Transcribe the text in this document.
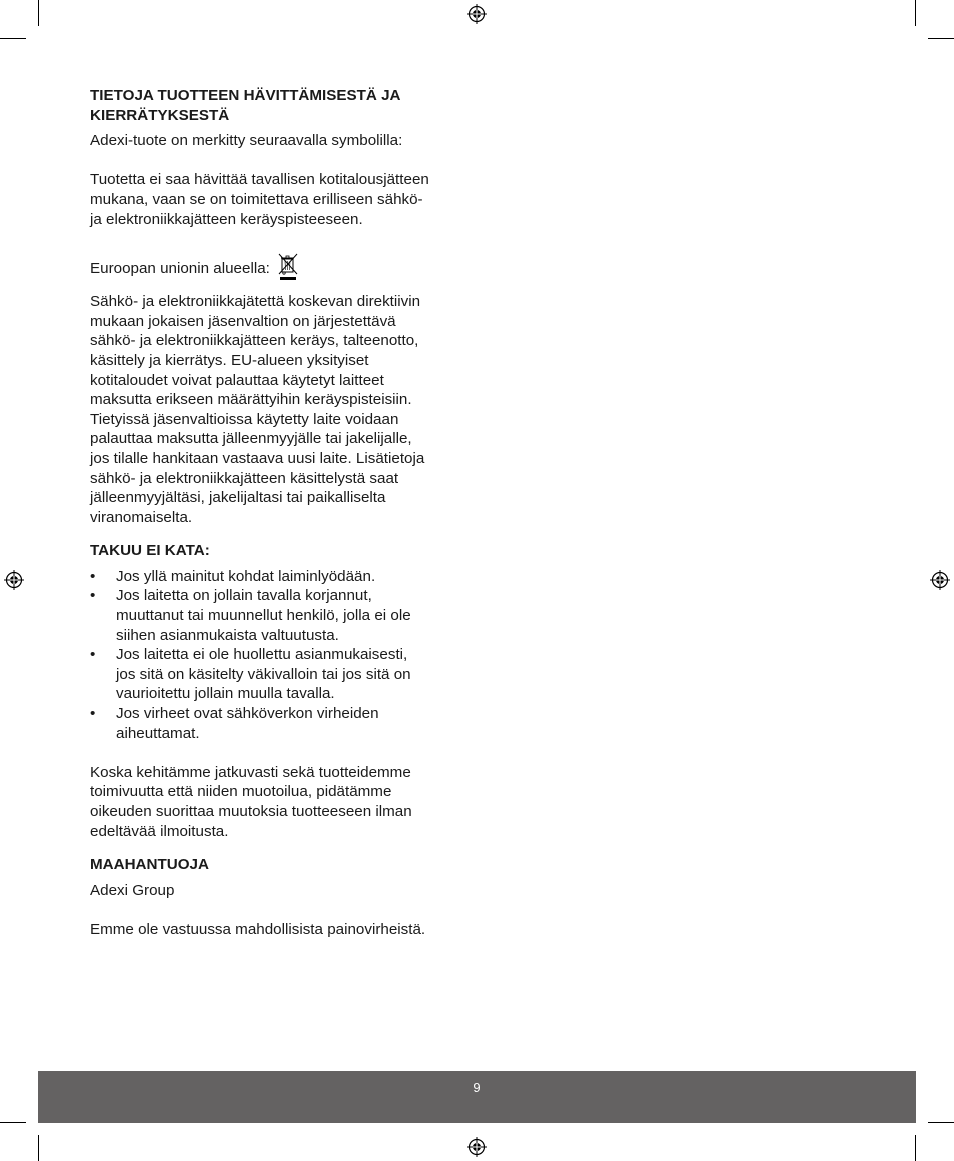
TIETOJA TUOTTEEN HÄVITTÄMISESTÄ JA
KIERRÄTYKSESTÄ

Adexi-tuote on merkitty seuraavalla symbolilla:

Tuotetta ei saa hävittää tavallisen kotitalousjätteen
mukana, vaan se on toimitettava erilliseen sähkö-
ja elektroniikkajätteen keräyspisteeseen.
Euroopan unionin alueella:
Sähkö- ja elektroniikkajätettä koskevan direktiivin
mukaan jokaisen jäsenvaltion on järjestettävä
sähkö- ja elektroniikkajätteen keräys, talteenotto,
käsittely ja kierrätys. EU-alueen yksityiset
kotitaloudet voivat palauttaa käytetyt laitteet
maksutta erikseen määrättyihin keräyspisteisiin.
Tietyissä jäsenvaltioissa käytetty laite voidaan
palauttaa maksutta jälleenmyyjälle tai jakelijalle,
jos tilalle hankitaan vastaava uusi laite. Lisätietoja
sähkö- ja elektroniikkajätteen käsittelystä saat
jälleenmyyjältäsi, jakelijaltasi tai paikalliselta
viranomaiselta.
TAKUU EI KATA:
• Jos yllä mainitut kohdat laiminlyödään.
• Jos laitetta on jollain tavalla korjannut,
muuttanut tai muunnellut henkilö, jolla ei ole
siihen asianmukaista valtuutusta.
• Jos laitetta ei ole huollettu asianmukaisesti,
jos sitä on käsitelty väkivalloin tai jos sitä on
vaurioitettu jollain muulla tavalla.
• Jos virheet ovat sähköverkon virheiden
aiheuttamat.
Koska kehitämme jatkuvasti sekä tuotteidemme
toimivuutta että niiden muotoilua, pidätämme
oikeuden suorittaa muutoksia tuotteeseen ilman
edeltävää ilmoitusta.
MAAHANTUOJA

Adexi Group

Emme ole vastuussa mahdollisista painovirheistä.

9
